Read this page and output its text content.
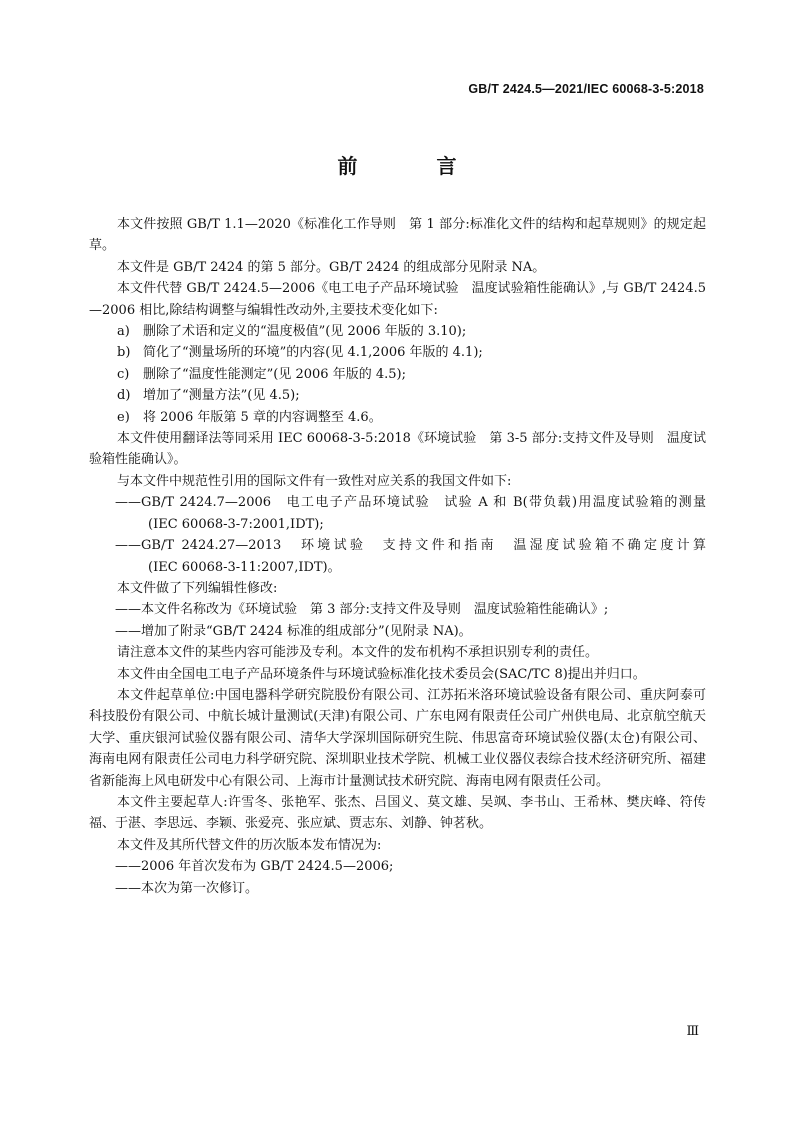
GB/T 2424.5—2021/IEC 60068-3-5:2018
前 言

本文件按照 GB/T 1.1—2020《标准化工作导则　第 1 部分:标准化文件的结构和起草规则》的规定起草。

本文件是 GB/T 2424 的第 5 部分。GB/T 2424 的组成部分见附录 NA。

本文件代替 GB/T 2424.5—2006《电工电子产品环境试验　温度试验箱性能确认》,与 GB/T 2424.5—2006 相比,除结构调整与编辑性改动外,主要技术变化如下:

a) 删除了术语和定义的“温度极值”(见 2006 年版的 3.10);
b) 简化了“测量场所的环境”的内容(见 4.1,2006 年版的 4.1);
c) 删除了“温度性能测定”(见 2006 年版的 4.5);
d) 增加了“测量方法”(见 4.5);
e) 将 2006 年版第 5 章的内容调整至 4.6。

本文件使用翻译法等同采用 IEC 60068-3-5:2018《环境试验　第 3-5 部分:支持文件及导则　温度试验箱性能确认》。

与本文件中规范性引用的国际文件有一致性对应关系的我国文件如下:

——GB/T 2424.7—2006　电工电子产品环境试验　试验 A 和 B(带负载)用温度试验箱的测量
(IEC 60068-3-7:2001,IDT);
——GB/T 2424.27—2013　环境试验　支持文件和指南　温湿度试验箱不确定度计算
(IEC 60068-3-11:2007,IDT)。

本文件做了下列编辑性修改:

——本文件名称改为《环境试验　第 3 部分:支持文件及导则　温度试验箱性能确认》;
——增加了附录“GB/T 2424 标准的组成部分”(见附录 NA)。

请注意本文件的某些内容可能涉及专利。本文件的发布机构不承担识别专利的责任。

本文件由全国电工电子产品环境条件与环境试验标准化技术委员会(SAC/TC 8)提出并归口。

本文件起草单位:中国电器科学研究院股份有限公司、江苏拓米洛环境试验设备有限公司、重庆阿泰可科技股份有限公司、中航长城计量测试(天津)有限公司、广东电网有限责任公司广州供电局、北京航空航天大学、重庆银河试验仪器有限公司、清华大学深圳国际研究生院、伟思富奇环境试验仪器(太仓)有限公司、海南电网有限责任公司电力科学研究院、深圳职业技术学院、机械工业仪器仪表综合技术经济研究所、福建省新能海上风电研发中心有限公司、上海市计量测试技术研究院、海南电网有限责任公司。

本文件主要起草人:许雪冬、张艳军、张杰、吕国义、莫文雄、吴飒、李书山、王希林、樊庆峰、符传福、于湛、李思远、李颖、张爱亮、张应斌、贾志东、刘静、钟茗秋。

本文件及其所代替文件的历次版本发布情况为:

——2006 年首次发布为 GB/T 2424.5—2006;
——本次为第一次修订。
Ⅲ
